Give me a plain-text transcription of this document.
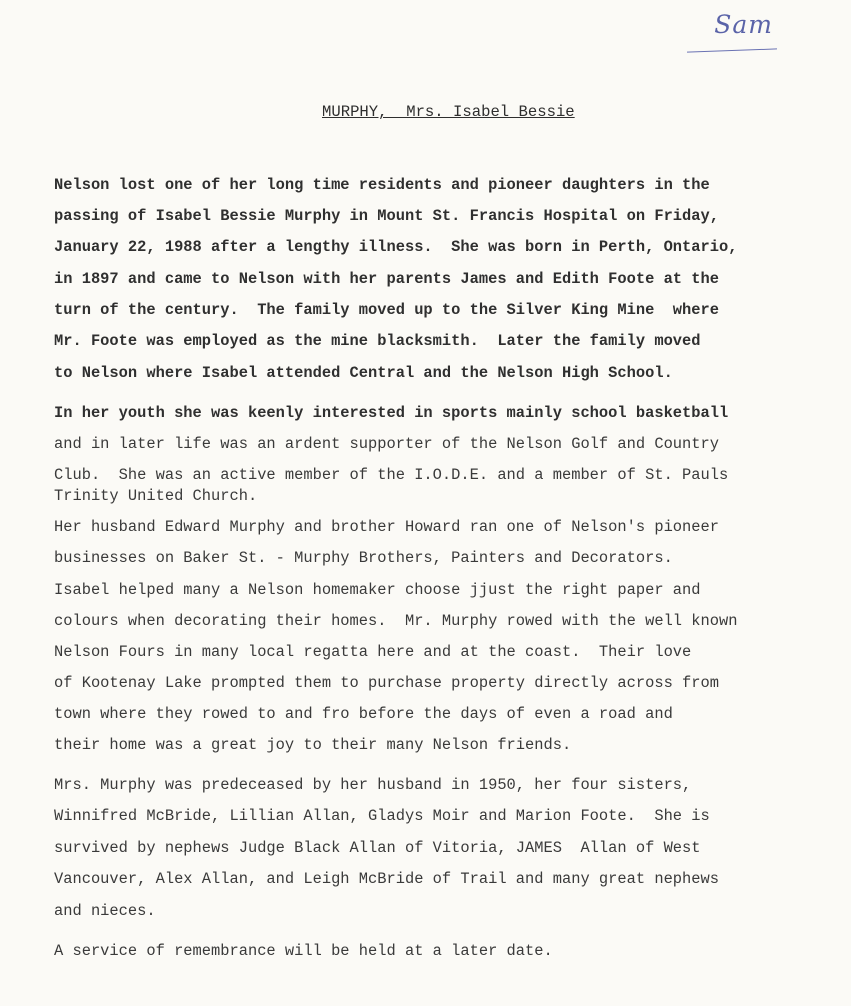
Sam
MURPHY,  Mrs. Isabel Bessie
Nelson lost one of her long time residents and pioneer daughters in the
passing of Isabel Bessie Murphy in Mount St. Francis Hospital on Friday,
January 22, 1988 after a lengthy illness.  She was born in Perth, Ontario,
in 1897 and came to Nelson with her parents James and Edith Foote at the
turn of the century.  The family moved up to the Silver King Mine  where
Mr. Foote was employed as the mine blacksmith.  Later the family moved
to Nelson where Isabel attended Central and the Nelson High School.
In her youth she was keenly interested in sports mainly school basketball
and in later life was an ardent supporter of the Nelson Golf and Country
Club.  She was an active member of the I.O.D.E. and a member of St. Pauls
Trinity United Church.
Her husband Edward Murphy and brother Howard ran one of Nelson's pioneer
businesses on Baker St. - Murphy Brothers, Painters and Decorators.
Isabel helped many a Nelson homemaker choose jjust the right paper and
colours when decorating their homes.  Mr. Murphy rowed with the well known
Nelson Fours in many local regatta here and at the coast.  Their love
of Kootenay Lake prompted them to purchase property directly across from
town where they rowed to and fro before the days of even a road and
their home was a great joy to their many Nelson friends.
Mrs. Murphy was predeceased by her husband in 1950, her four sisters,
Winnifred McBride, Lillian Allan, Gladys Moir and Marion Foote.  She is
survived by nephews Judge Black Allan of Vitoria, JAMES  Allan of West
Vancouver, Alex Allan, and Leigh McBride of Trail and many great nephews
and nieces.
A service of remembrance will be held at a later date.
